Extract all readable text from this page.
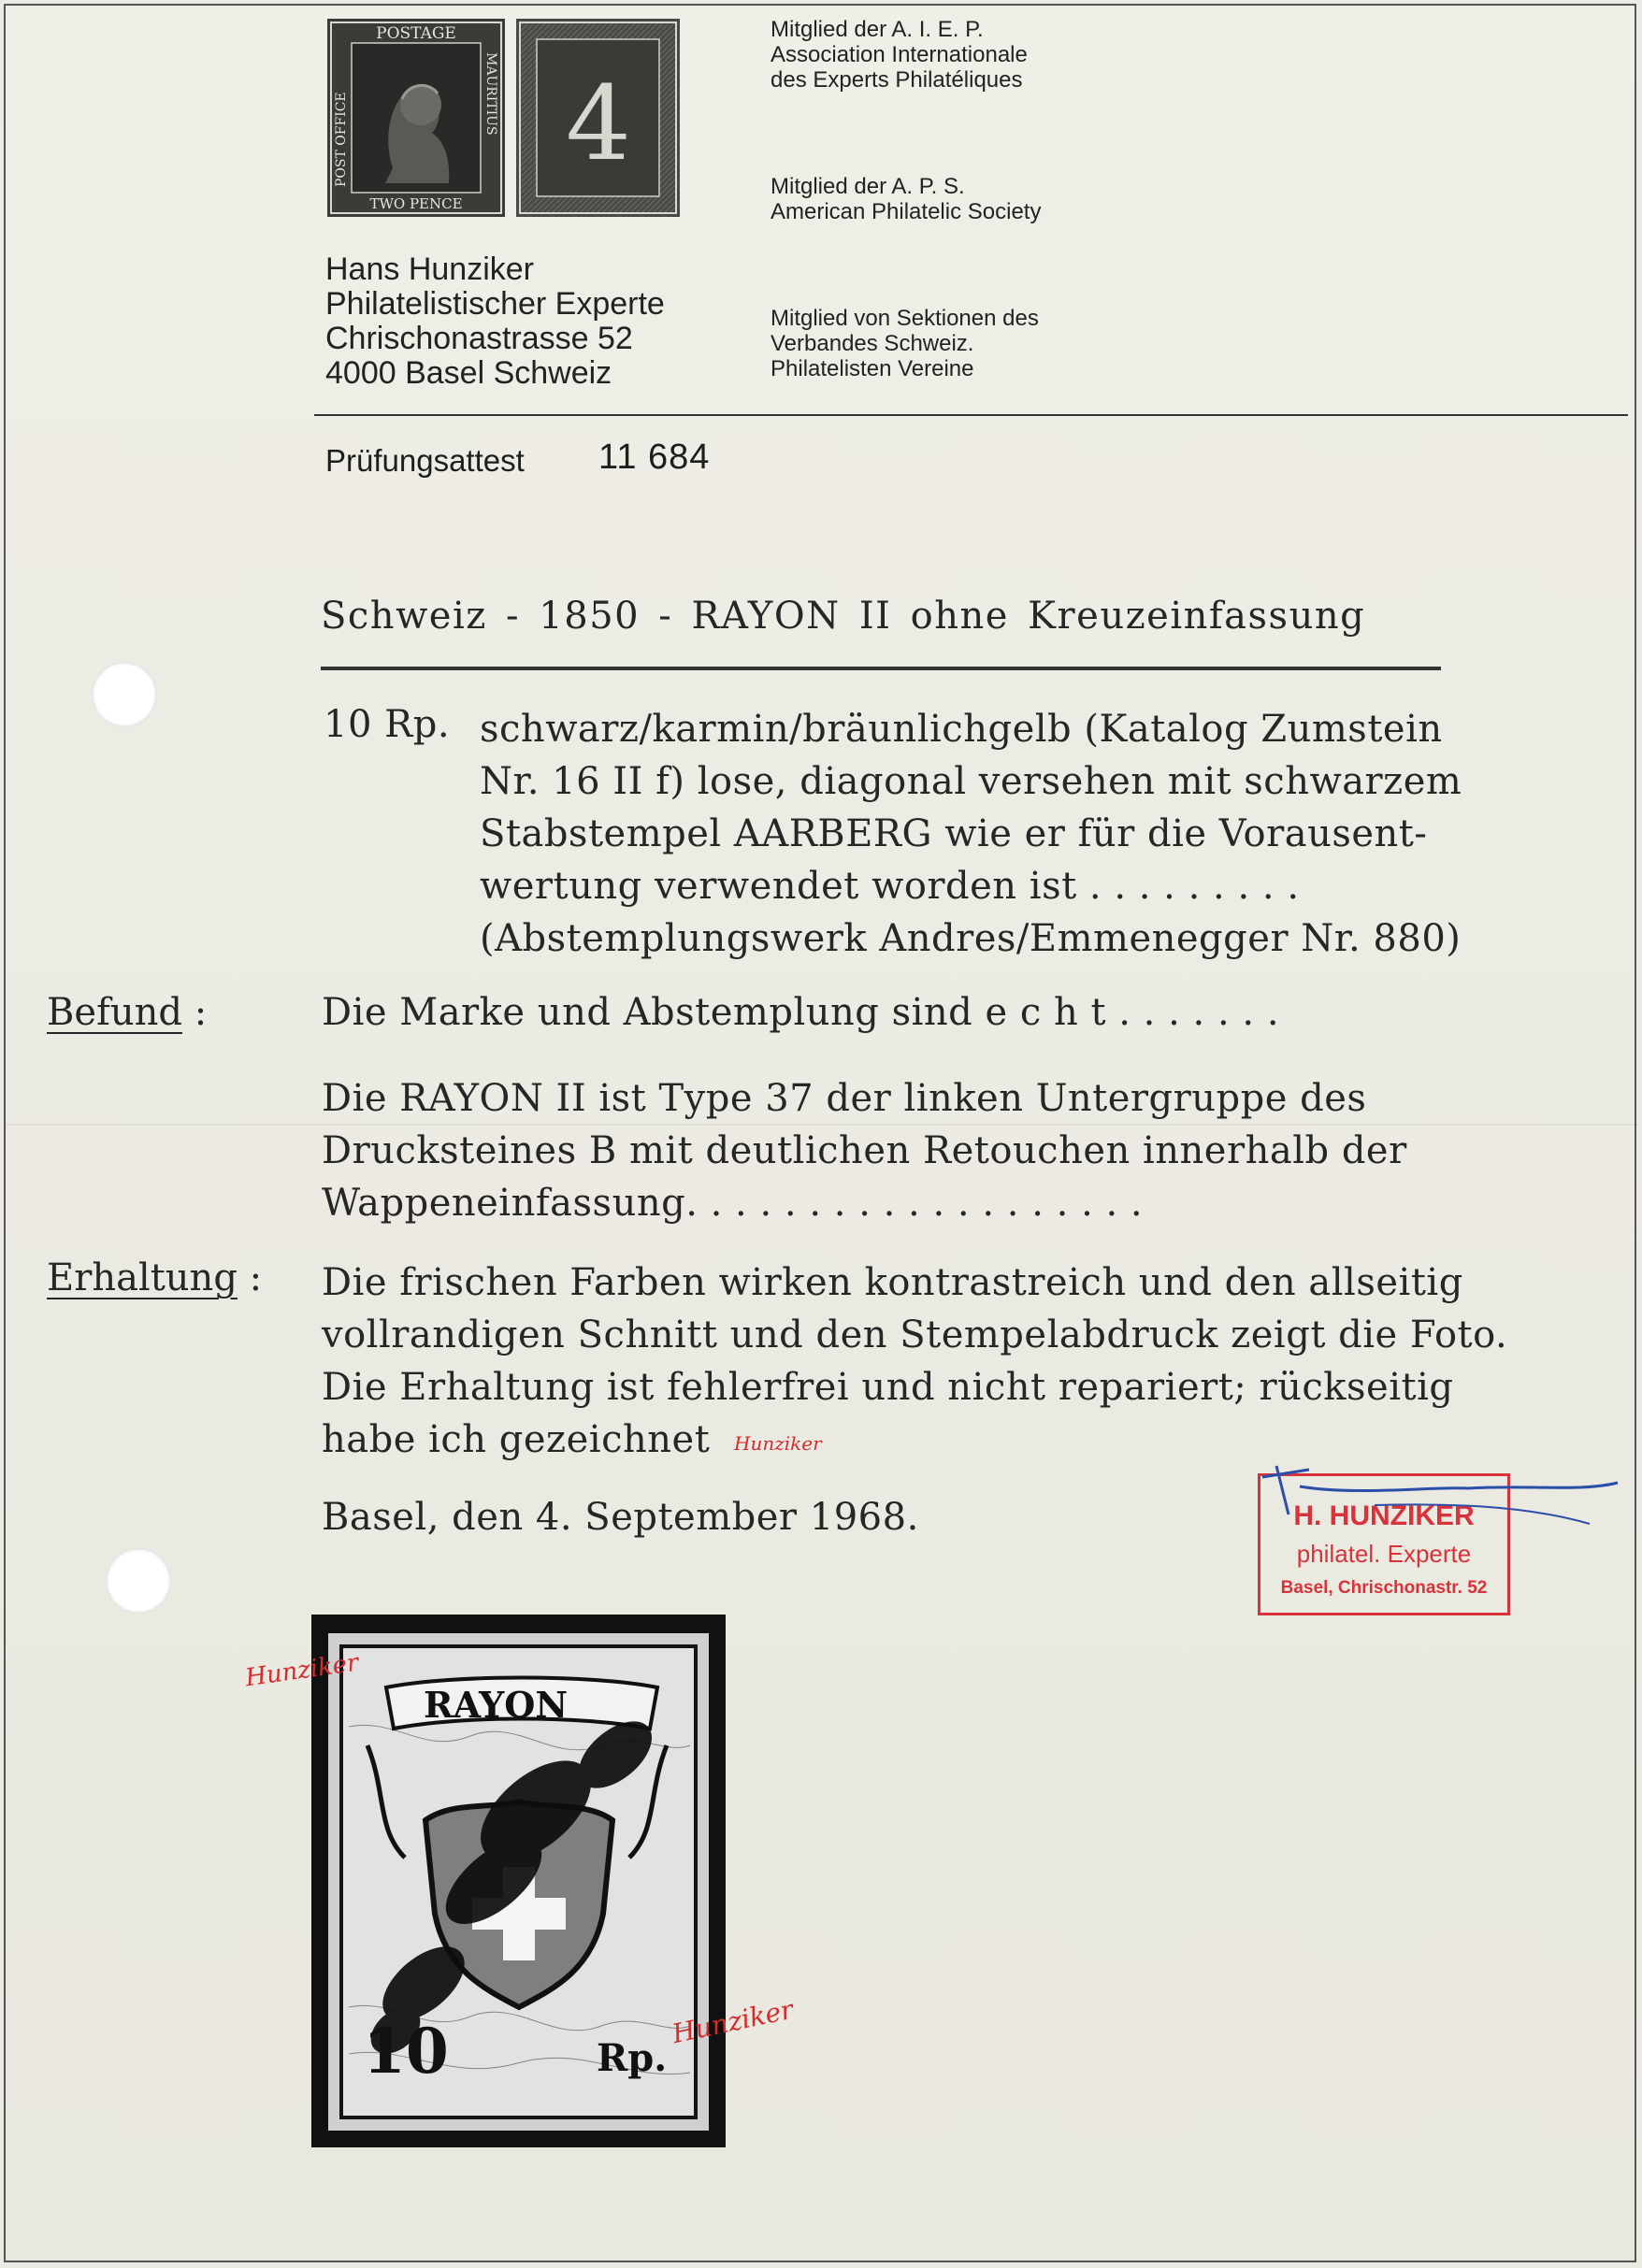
POSTAGE
TWO PENCE
POST OFFICE	MAURITIUS 4
Mitglied der A. I. E. P.
Association Internationale
des Experts Philatéliques
Mitglied der A. P. S.
American Philatelic Society
Mitglied von Sektionen des
Verbandes Schweiz.
Philatelisten Vereine
Hans Hunziker
Philatelistischer Experte
Chrischonastrasse 52
4000 Basel Schweiz
Prüfungsattest 11 684
Schweiz - 1850 - RAYON II ohne Kreuzeinfassung
10 Rp. schwarz/karmin/bräunlichgelb (Katalog Zumstein
Nr. 16 II f) lose, diagonal versehen mit schwarzem
Stabstempel AARBERG wie er für die Vorausent-
wertung verwendet worden ist . . . . . . . . .
(Abstemplungswerk Andres/Emmenegger Nr. 880)
Befund :	Die Marke und Abstemplung sind e c h t . . . . . . .
Die RAYON II ist Type 37 der linken Untergruppe des
Drucksteines B mit deutlichen Retouchen innerhalb der
Wappeneinfassung. . . . . . . . . . . . . . . . . . .
Erhaltung : Die frischen Farben wirken kontrastreich und den allseitig
vollrandigen Schnitt und den Stempelabdruck zeigt die Foto.
Die Erhaltung ist fehlerfrei und nicht repariert; rückseitig
habe ich gezeichnet	Hunziker
Basel, den 4. September 1968.	H. HUNZIKER
philatel. Experte
Basel, Chrischonastr. 52
RAYON
10	Rp.
Hunziker
Hunziker
